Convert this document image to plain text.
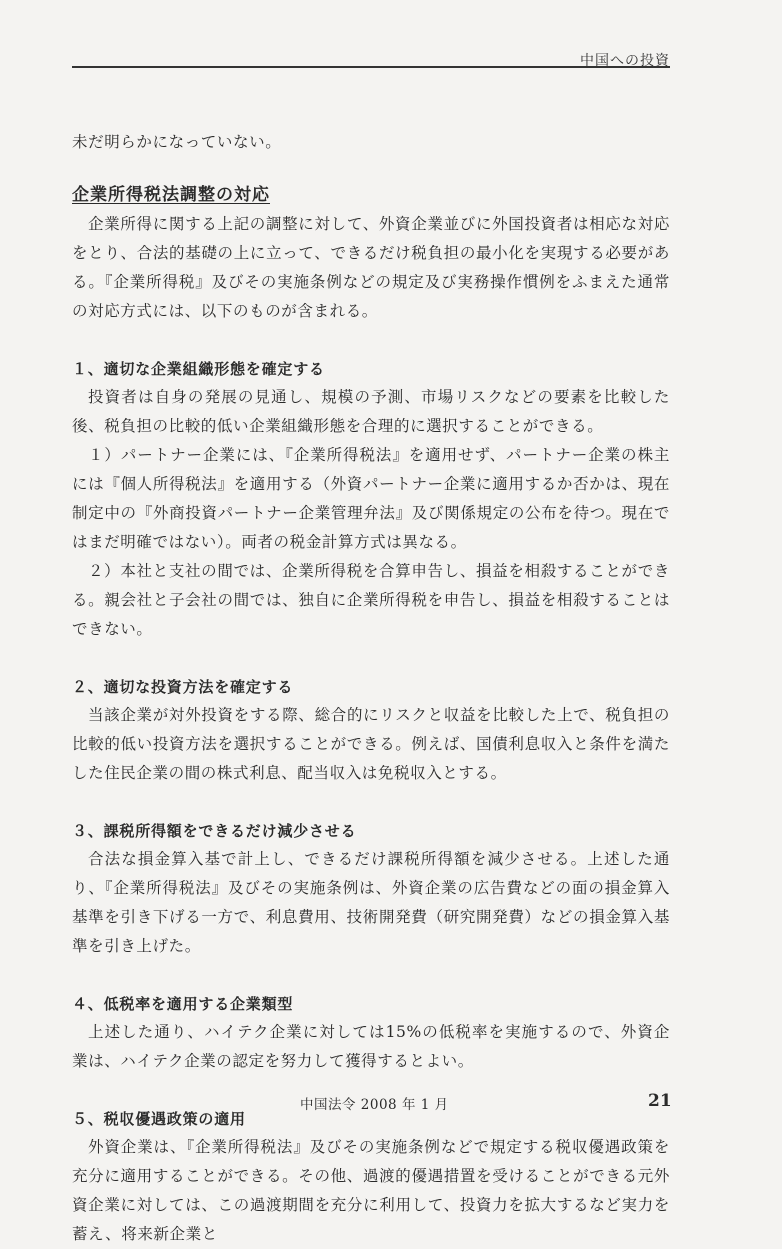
中国への投資

未だ明らかになっていない。

企業所得税法調整の対応

企業所得に関する上記の調整に対して、外資企業並びに外国投資者は相応な対応をとり、合法的基礎の上に立って、できるだけ税負担の最小化を実現する必要がある。『企業所得税』及びその実施条例などの規定及び実務操作慣例をふまえた通常の対応方式には、以下のものが含まれる。

１、適切な企業組織形態を確定する

投資者は自身の発展の見通し、規模の予測、市場リスクなどの要素を比較した後、税負担の比較的低い企業組織形態を合理的に選択することができる。

１）パートナー企業には、『企業所得税法』を適用せず、パートナー企業の株主には『個人所得税法』を適用する（外資パートナー企業に適用するか否かは、現在制定中の『外商投資パートナー企業管理弁法』及び関係規定の公布を待つ。現在ではまだ明確ではない）。両者の税金計算方式は異なる。

２）本社と支社の間では、企業所得税を合算申告し、損益を相殺することができる。親会社と子会社の間では、独自に企業所得税を申告し、損益を相殺することはできない。

２、適切な投資方法を確定する

当該企業が対外投資をする際、総合的にリスクと収益を比較した上で、税負担の比較的低い投資方法を選択することができる。例えば、国債利息収入と条件を満たした住民企業の間の株式利息、配当収入は免税収入とする。

３、課税所得額をできるだけ減少させる

合法な損金算入基で計上し、できるだけ課税所得額を減少させる。上述した通り、『企業所得税法』及びその実施条例は、外資企業の広告費などの面の損金算入基準を引き下げる一方で、利息費用、技術開発費（研究開発費）などの損金算入基準を引き上げた。

４、低税率を適用する企業類型

上述した通り、ハイテク企業に対しては15%の低税率を実施するので、外資企業は、ハイテク企業の認定を努力して獲得するとよい。

５、税収優遇政策の適用

外資企業は、『企業所得税法』及びその実施条例などで規定する税収優遇政策を充分に適用することができる。その他、過渡的優遇措置を受けることができる元外資企業に対しては、この過渡期間を充分に利用して、投資力を拡大するなど実力を蓄え、将来新企業と

中国法令 2008 年 1 月	21
